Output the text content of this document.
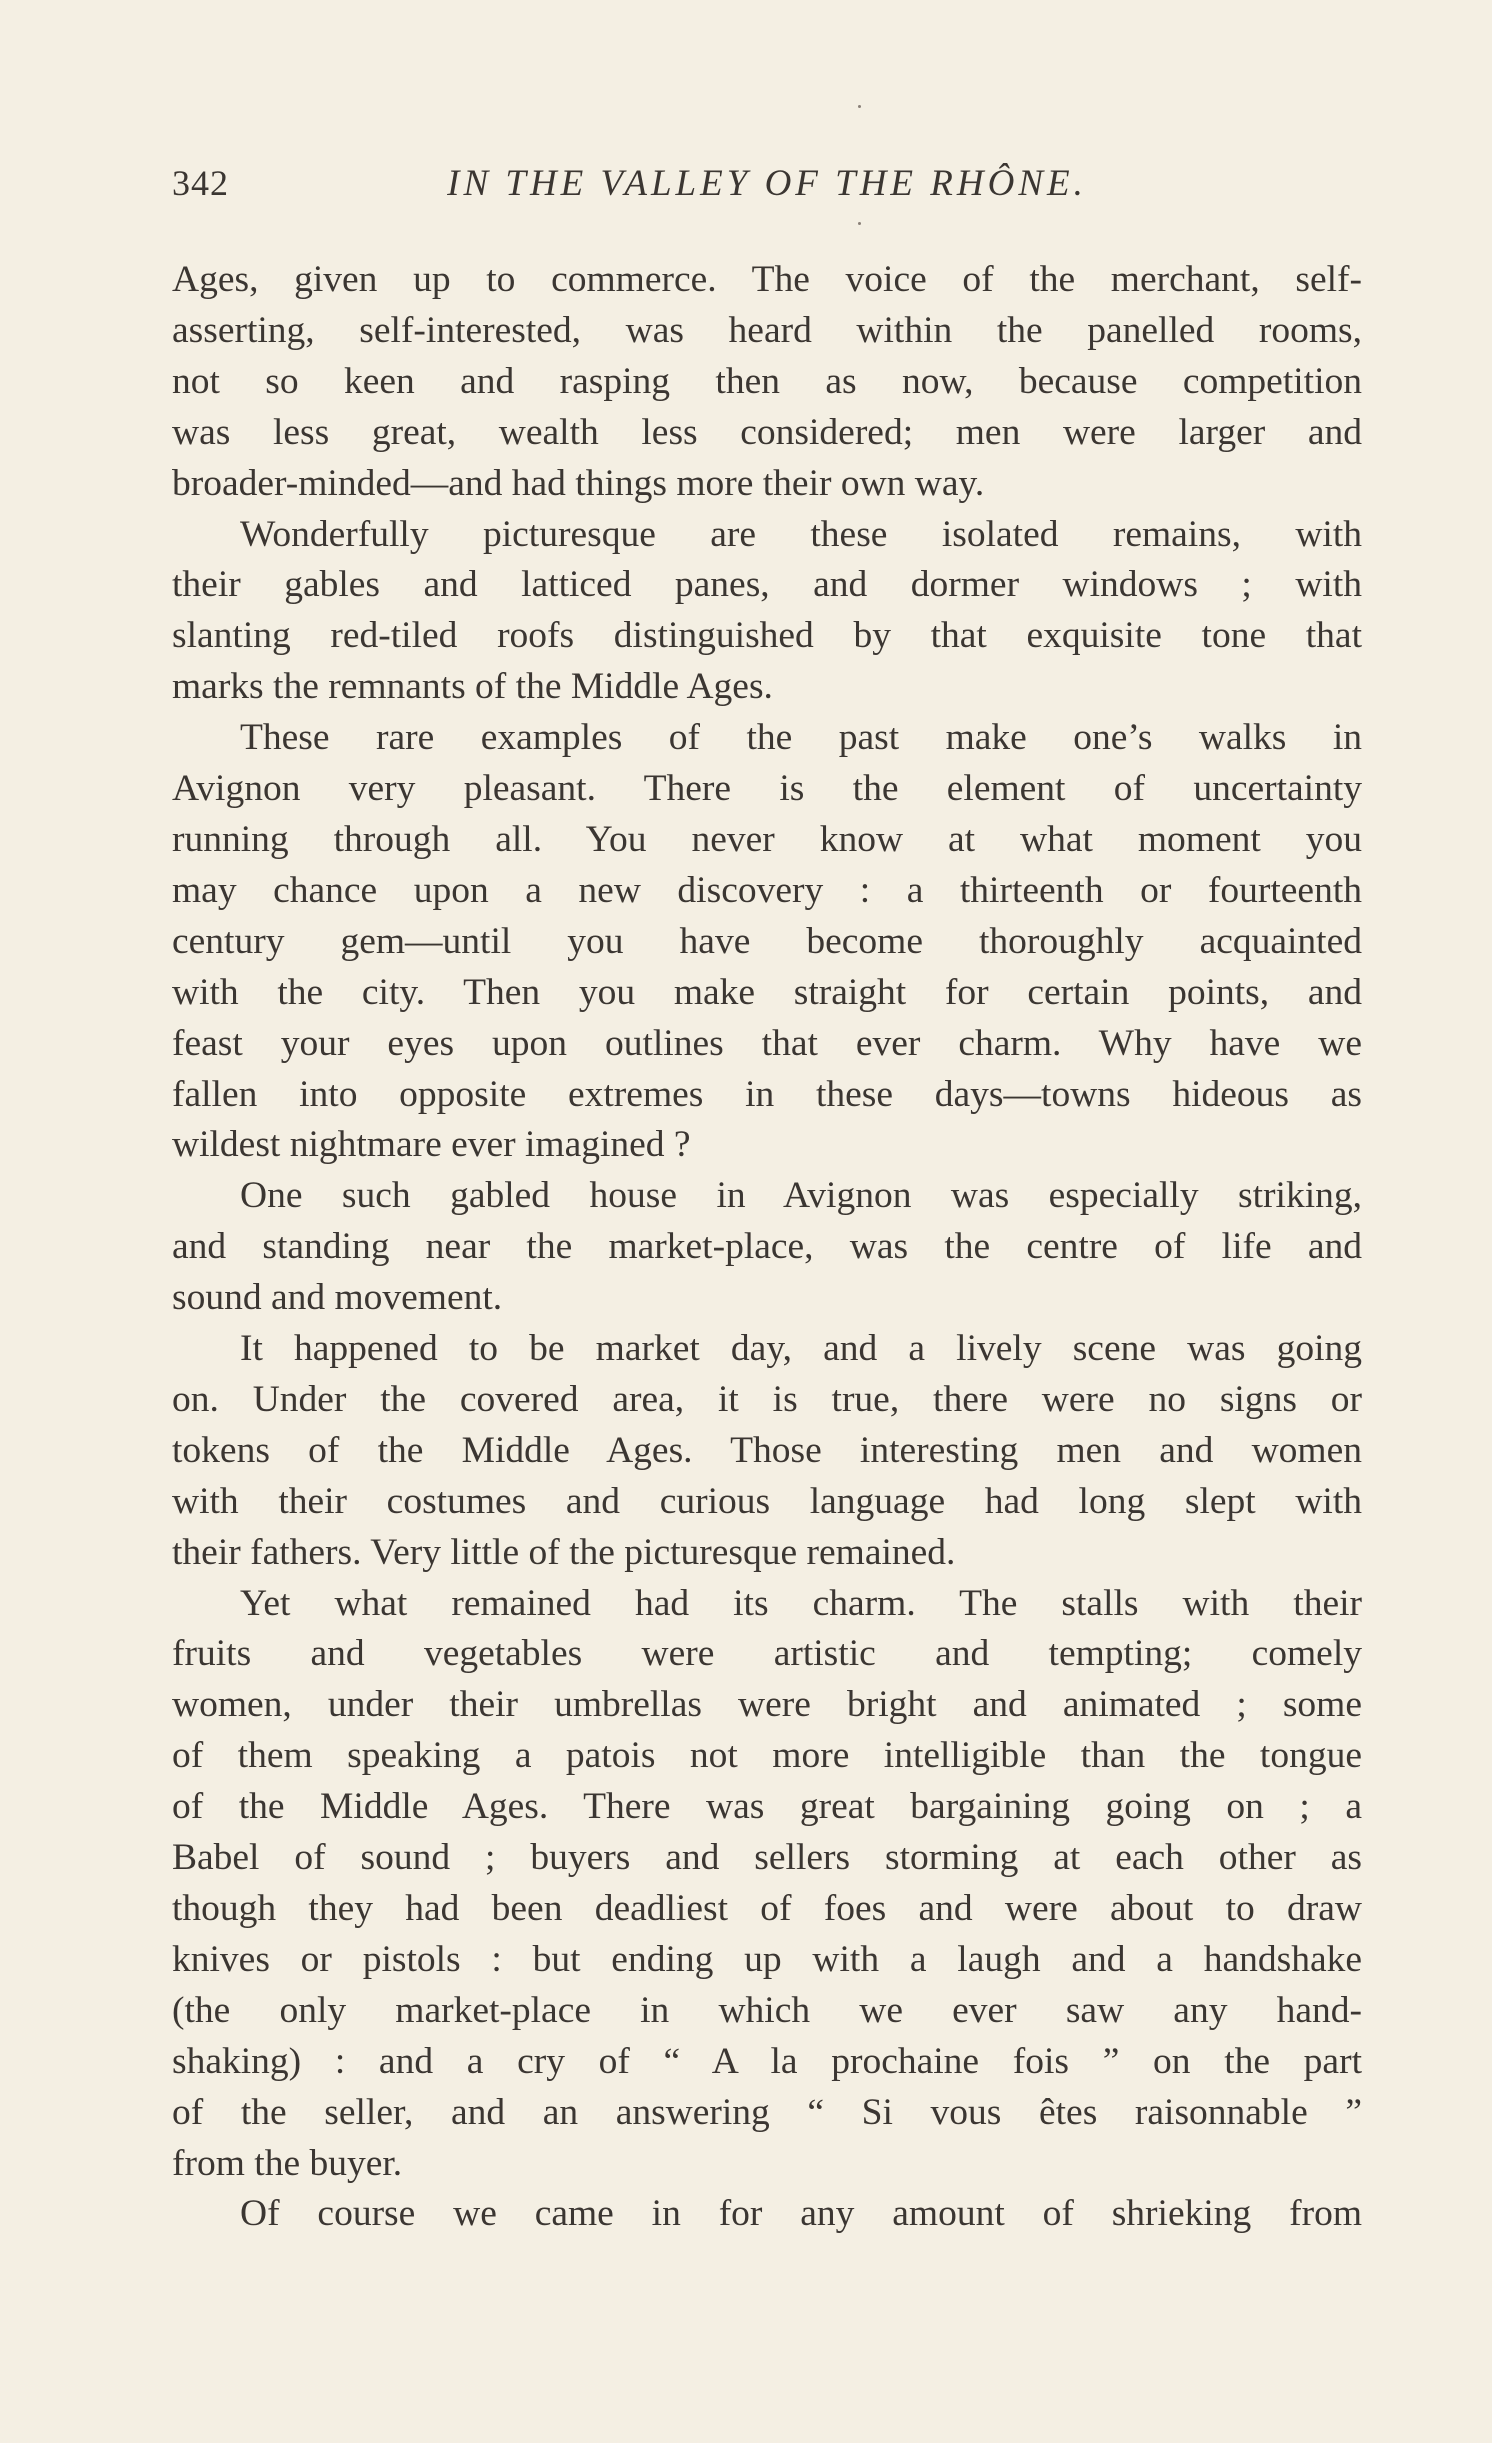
342	IN THE VALLEY OF THE RHÔNE.

Ages, given up to commerce. The voice of the merchant, self-
asserting, self-interested, was heard within the panelled rooms,
not so keen and rasping then as now, because competition
was less great, wealth less considered; men were larger and
broader-minded—and had things more their own way.

Wonderfully picturesque are these isolated remains, with
their gables and latticed panes, and dormer windows ; with
slanting red-tiled roofs distinguished by that exquisite tone that
marks the remnants of the Middle Ages.

These rare examples of the past make one’s walks in
Avignon very pleasant. There is the element of uncertainty
running through all. You never know at what moment you
may chance upon a new discovery : a thirteenth or fourteenth
century gem—until you have become thoroughly acquainted
with the city. Then you make straight for certain points, and
feast your eyes upon outlines that ever charm. Why have we
fallen into opposite extremes in these days—towns hideous as
wildest nightmare ever imagined ?

One such gabled house in Avignon was especially striking,
and standing near the market-place, was the centre of life and
sound and movement.

It happened to be market day, and a lively scene was going
on. Under the covered area, it is true, there were no signs or
tokens of the Middle Ages. Those interesting men and women
with their costumes and curious language had long slept with
their fathers. Very little of the picturesque remained.

Yet what remained had its charm. The stalls with their
fruits and vegetables were artistic and tempting; comely
women, under their umbrellas were bright and animated ; some
of them speaking a patois not more intelligible than the tongue
of the Middle Ages. There was great bargaining going on ; a
Babel of sound ; buyers and sellers storming at each other as
though they had been deadliest of foes and were about to draw
knives or pistols : but ending up with a laugh and a handshake
(the only market-place in which we ever saw any hand-
shaking) : and a cry of “ A la prochaine fois ” on the part
of the seller, and an answering “ Si vous êtes raisonnable ”
from the buyer.

Of course we came in for any amount of shrieking from
